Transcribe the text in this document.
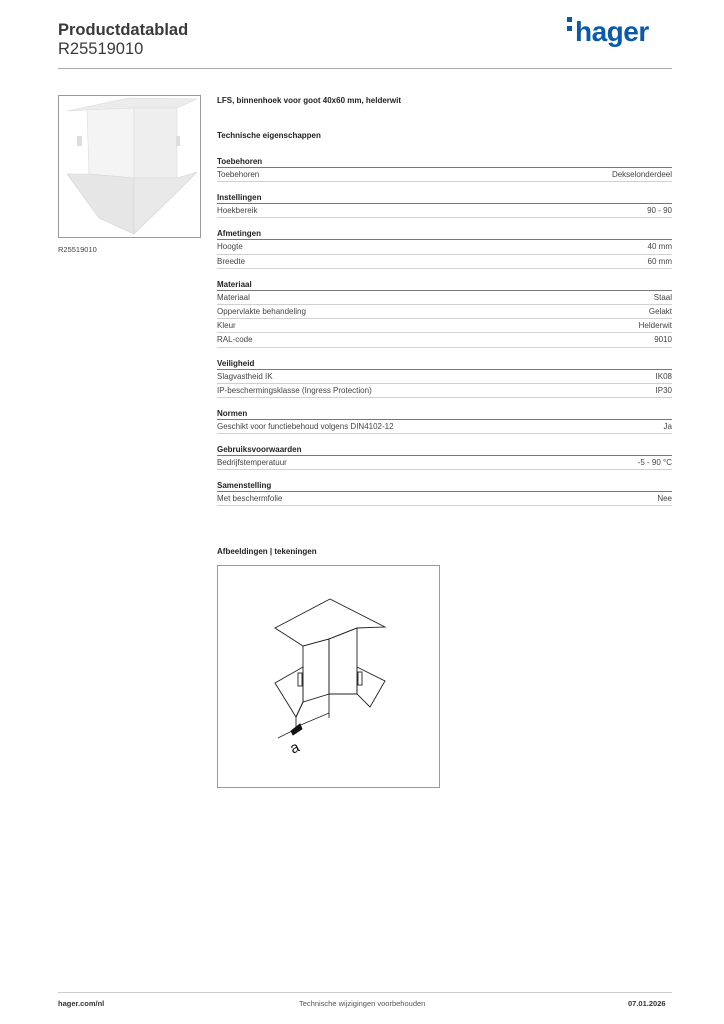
Productdatablad
R25519010
hager
R25519010
LFS, binnenhoek voor goot 40x60 mm, helderwit
Technische eigenschappen
Toebehoren
Toebehoren	Dekselonderdeel
Instellingen
Hoekbereik	90 - 90
Afmetingen
Hoogte	40 mm
Breedte	60 mm
Materiaal
Materiaal	Staal
Oppervlakte behandeling	Gelakt
Kleur	Helderwit
RAL-code	9010
Veiligheid
Slagvastheid IK	IK08
IP-beschermingsklasse (Ingress Protection)	IP30
Normen
Geschikt voor functiebehoud volgens DIN4102-12	Ja
Gebruiksvoorwaarden
Bedrijfstemperatuur	-5 - 90 °C
Samenstelling
Met beschermfolie	Nee
Afbeeldingen | tekeningen
a
hager.com/nl	Technische wijzigingen voorbehouden	07.01.2026
